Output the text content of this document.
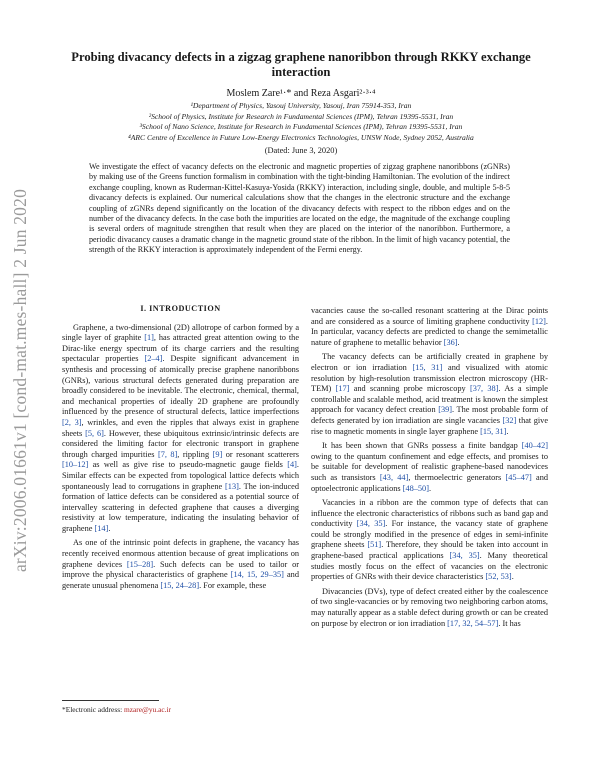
arXiv:2006.01661v1 [cond-mat.mes-hall] 2 Jun 2020
Probing divacancy defects in a zigzag graphene nanoribbon through RKKY exchange interaction
Moslem Zare¹·* and Reza Asgari²·³·⁴
¹Department of Physics, Yasouj University, Yasouj, Iran 75914-353, Iran
²School of Physics, Institute for Research in Fundamental Sciences (IPM), Tehran 19395-5531, Iran
³School of Nano Science, Institute for Research in Fundamental Sciences (IPM), Tehran 19395-5531, Iran
⁴ARC Centre of Excellence in Future Low-Energy Electronics Technologies, UNSW Node, Sydney 2052, Australia
(Dated: June 3, 2020)
We investigate the effect of vacancy defects on the electronic and magnetic properties of zigzag graphene nanoribbons (zGNRs) by making use of the Greens function formalism in combination with the tight-binding Hamiltonian. The evolution of the indirect exchange coupling, known as Ruderman-Kittel-Kasuya-Yosida (RKKY) interaction, including single, double, and multiple 5-8-5 divacancy defects is explained. Our numerical calculations show that the changes in the electronic structure and the exchange coupling of zGNRs depend significantly on the location of the divacancy defects with respect to the ribbon edges and on the number of the divacancy defects. In the case both the impurities are located on the edge, the magnitude of the exchange coupling is several orders of magnitude strengthen that result when they are placed on the interior of the nanoribbon. Furthermore, a periodic divacancy causes a dramatic change in the magnetic ground state of the ribbon. In the limit of high vacancy potential, the strength of the RKKY interaction is approximately independent of the Fermi energy.
I. INTRODUCTION

Graphene, a two-dimensional (2D) allotrope of carbon formed by a single layer of graphite [1], has attracted great attention owing to the Dirac-like energy spectrum of its charge carriers and the resulting spectacular properties [2–4]. Despite significant advancement in synthesis and processing of atomically precise graphene nanoribbons (GNRs), various structural defects generated during preparation are broadly considered to be inevitable. The electronic, chemical, thermal, and mechanical properties of ideally 2D graphene are profoundly influenced by the presence of structural defects, lattice imperfections [2, 3], wrinkles, and even the ripples that always exist in graphene sheets [5, 6]. However, these ubiquitous extrinsic/intrinsic defects are considered the limiting factor for electronic transport in graphene through charged impurities [7, 8], rippling [9] or resonant scatterers [10–12] as well as give rise to pseudo-magnetic gauge fields [4]. Similar effects can be expected from topological lattice defects which spontaneously lead to corrugations in graphene [13]. The ion-induced formation of lattice defects can be considered as a potential source of intervalley scattering in defected graphene that causes a diverging resistivity at low temperature, indicating the insulating behavior of graphene [14].

As one of the intrinsic point defects in graphene, the vacancy has recently received enormous attention because of great implications on graphene devices [15–28]. Such defects can be used to tailor or improve the physical characteristics of graphene [14, 15, 29–35] and generate unusual phenomena [15, 24–28]. For example, these

vacancies cause the so-called resonant scattering at the Dirac points and are considered as a source of limiting graphene conductivity [12]. In particular, vacancy defects are predicted to change the semimetallic nature of graphene to metallic behavior [36].

The vacancy defects can be artificially created in graphene by electron or ion irradiation [15, 31] and visualized with atomic resolution by high-resolution transmission electron microscopy (HR-TEM) [17] and scanning probe microscopy [37, 38]. As a simple controllable and scalable method, acid treatment is known the simplest approach for vacancy defect creation [39]. The most probable form of defects generated by ion irradiation are single vacancies [32] that give rise to magnetic moments in single layer graphene [15, 31].

It has been shown that GNRs possess a finite bandgap [40–42] owing to the quantum confinement and edge effects, and promises to be suitable for development of realistic graphene-based nanodevices such as transistors [43, 44], thermoelectric generators [45–47] and optoelectronic applications [48–50].

Vacancies in a ribbon are the common type of defects that can influence the electronic characteristics of ribbons such as band gap and conductivity [34, 35]. For instance, the vacancy state of graphene could be strongly modified in the presence of edges in semi-infinite graphene sheets [51]. Therefore, they should be taken into account in graphene-based practical applications [34, 35]. Many theoretical studies mostly focus on the effect of vacancies on the electronic properties of GNRs with their device characteristics [52, 53].

Divacancies (DVs), type of defect created either by the coalescence of two single-vacancies or by removing two neighboring carbon atoms, may naturally appear as a stable defect during growth or can be created on purpose by electron or ion irradiation [17, 32, 54–57]. It has

*Electronic address: mzare@yu.ac.ir
